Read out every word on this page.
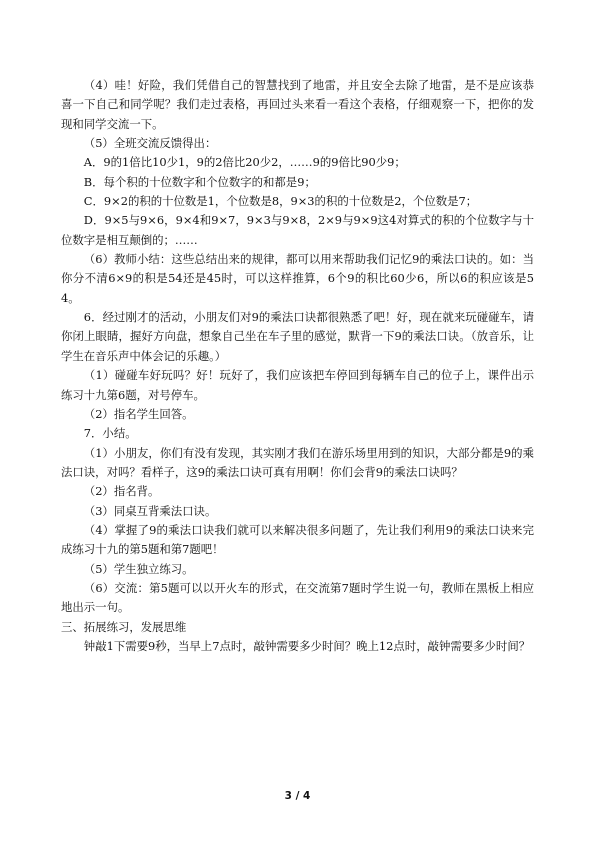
（4）哇！好险，我们凭借自己的智慧找到了地雷，并且安全去除了地雷，是不是应该恭喜一下自己和同学呢？我们走过表格，再回过头来看一看这个表格，仔细观察一下，把你的发现和同学交流一下。

（5）全班交流反馈得出：

A．9的1倍比10少1，9的2倍比20少2，……9的9倍比90少9；

B．每个积的十位数字和个位数字的和都是9；

C．9×2的积的十位数是1，个位数是8，9×3的积的十位数是2，个位数是7；

D．9×5与9×6，9×4和9×7，9×3与9×8，2×9与9×9这4对算式的积的个位数字与十位数字是相互颠倒的；……

（6）教师小结：这些总结出来的规律，都可以用来帮助我们记忆9的乘法口诀的。如：当你分不清6×9的积是54还是45时，可以这样推算，6个9的积比60少6，所以6的积应该是54。

6．经过刚才的活动，小朋友们对9的乘法口诀都很熟悉了吧！好，现在就来玩碰碰车，请你闭上眼睛，握好方向盘，想象自己坐在车子里的感觉，默背一下9的乘法口诀。（放音乐，让学生在音乐声中体会记的乐趣。）

（1）碰碰车好玩吗？好！玩好了，我们应该把车停回到每辆车自己的位子上，课件出示练习十九第6题，对号停车。

（2）指名学生回答。

7．小结。

（1）小朋友，你们有没有发现，其实刚才我们在游乐场里用到的知识，大部分都是9的乘法口诀，对吗？看样子，这9的乘法口诀可真有用啊！你们会背9的乘法口诀吗？

（2）指名背。

（3）同桌互背乘法口诀。

（4）掌握了9的乘法口诀我们就可以来解决很多问题了，先让我们利用9的乘法口诀来完成练习十九的第5题和第7题吧！

（5）学生独立练习。

（6）交流：第5题可以以开火车的形式，在交流第7题时学生说一句，教师在黑板上相应地出示一句。

三、拓展练习，发展思维

钟敲1下需要9秒，当早上7点时，敲钟需要多少时间？晚上12点时，敲钟需要多少时间？

3 / 4
